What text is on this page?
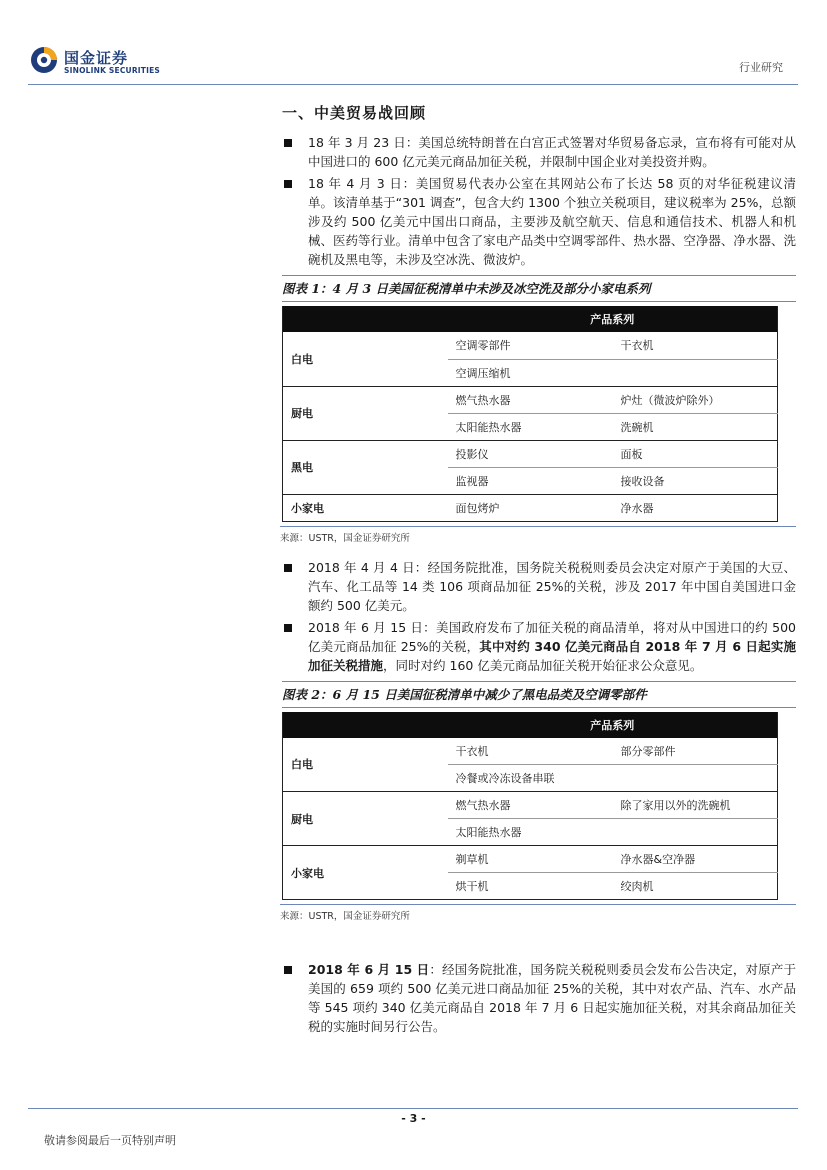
国金证券
SINOLINK SECURITIES	行业研究
一、中美贸易战回顾
18 年 3 月 23 日：美国总统特朗普在白宫正式签署对华贸易备忘录，宣布将有可能对从中国进口的 600 亿元美元商品加征关税，并限制中国企业对美投资并购。
18 年 4 月 3 日：美国贸易代表办公室在其网站公布了长达 58 页的对华征税建议清单。该清单基于“301 调查”，包含大约 1300 个独立关税项目，建议税率为 25%，总额涉及约 500 亿美元中国出口商品，主要涉及航空航天、信息和通信技术、机器人和机械、医药等行业。清单中包含了家电产品类中空调零部件、热水器、空净器、净水器、洗碗机及黑电等，未涉及空冰洗、微波炉。
图表 1：4 月 3 日美国征税清单中未涉及冰空洗及部分小家电系列
	产品系列	
白电	空调零部件	干衣机
	空调压缩机	
厨电	燃气热水器	炉灶（微波炉除外）
	太阳能热水器	洗碗机
黑电	投影仪	面板
	监视器	接收设备
小家电	面包烤炉	净水器
来源：USTR，国金证券研究所
2018 年 4 月 4 日：经国务院批准，国务院关税税则委员会决定对原产于美国的大豆、汽车、化工品等 14 类 106 项商品加征 25%的关税，涉及 2017 年中国自美国进口金额约 500 亿美元。
2018 年 6 月 15 日：美国政府发布了加征关税的商品清单，将对从中国进口的约 500 亿美元商品加征 25%的关税，其中对约 340 亿美元商品自 2018 年 7 月 6 日起实施加征关税措施，同时对约 160 亿美元商品加征关税开始征求公众意见。
图表 2：6 月 15 日美国征税清单中减少了黑电品类及空调零部件
	产品系列	
白电	干衣机	部分零部件
	冷餐或冷冻设备串联	
厨电	燃气热水器	除了家用以外的洗碗机
	太阳能热水器	
小家电	剃草机	净水器&空净器
	烘干机	绞肉机
来源：USTR，国金证券研究所
2018 年 6 月 15 日：经国务院批准，国务院关税税则委员会发布公告决定，对原产于美国的 659 项约 500 亿美元进口商品加征 25%的关税，其中对农产品、汽车、水产品等 545 项约 340 亿美元商品自 2018 年 7 月 6 日起实施加征关税，对其余商品加征关税的实施时间另行公告。
- 3 -
敬请参阅最后一页特别声明
